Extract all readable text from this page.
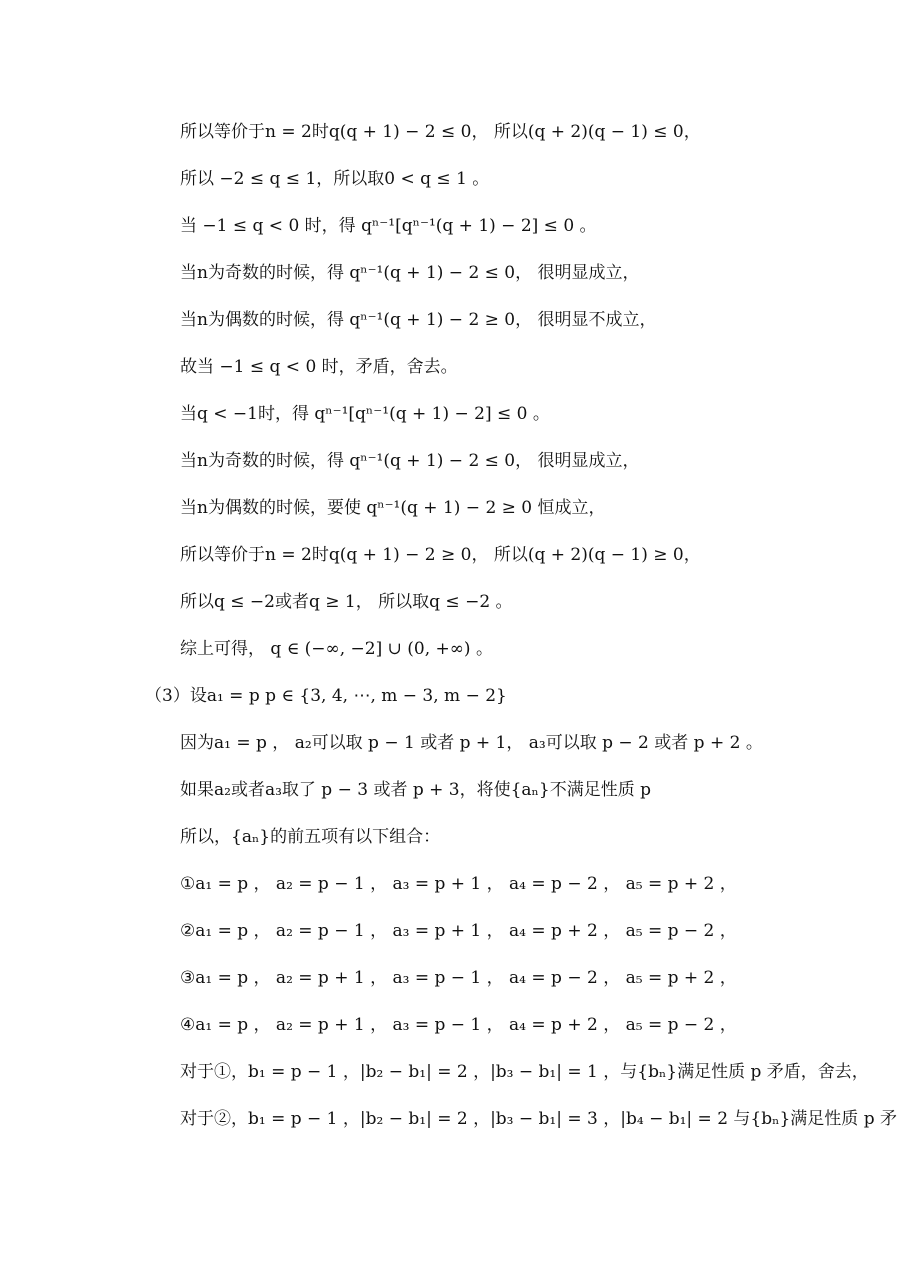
所以等价于n = 2时q(q + 1) − 2 ≤ 0， 所以(q + 2)(q − 1) ≤ 0，
所以 −2 ≤ q ≤ 1，所以取0 < q ≤ 1 。
当 −1 ≤ q < 0 时，得 qⁿ⁻¹[qⁿ⁻¹(q + 1) − 2] ≤ 0 。
当n为奇数的时候，得 qⁿ⁻¹(q + 1) − 2 ≤ 0， 很明显成立，
当n为偶数的时候，得 qⁿ⁻¹(q + 1) − 2 ≥ 0， 很明显不成立，
故当 −1 ≤ q < 0 时，矛盾，舍去。
当q < −1时，得 qⁿ⁻¹[qⁿ⁻¹(q + 1) − 2] ≤ 0 。
当n为奇数的时候，得 qⁿ⁻¹(q + 1) − 2 ≤ 0， 很明显成立，
当n为偶数的时候，要使 qⁿ⁻¹(q + 1) − 2 ≥ 0 恒成立，
所以等价于n = 2时q(q + 1) − 2 ≥ 0， 所以(q + 2)(q − 1) ≥ 0，
所以q ≤ −2或者q ≥ 1， 所以取q ≤ −2 。
综上可得， q ∈ (−∞, −2] ∪ (0, +∞) 。
（3）设a₁ = p p ∈ {3, 4, ⋯, m − 3, m − 2}
因为a₁ = p ， a₂可以取 p − 1 或者 p + 1， a₃可以取 p − 2 或者 p + 2 。
如果a₂或者a₃取了 p − 3 或者 p + 3，将使{aₙ}不满足性质 p
所以，{aₙ}的前五项有以下组合：
①a₁ = p ， a₂ = p − 1 ， a₃ = p + 1 ， a₄ = p − 2 ， a₅ = p + 2 ，
②a₁ = p ， a₂ = p − 1 ， a₃ = p + 1 ， a₄ = p + 2 ， a₅ = p − 2 ，
③a₁ = p ， a₂ = p + 1 ， a₃ = p − 1 ， a₄ = p − 2 ， a₅ = p + 2 ，
④a₁ = p ， a₂ = p + 1 ， a₃ = p − 1 ， a₄ = p + 2 ， a₅ = p − 2 ，
对于①，b₁ = p − 1 ，|b₂ − b₁| = 2 ，|b₃ − b₁| = 1 ，与{bₙ}满足性质 p 矛盾，舍去，
对于②，b₁ = p − 1 ，|b₂ − b₁| = 2 ，|b₃ − b₁| = 3 ，|b₄ − b₁| = 2 与{bₙ}满足性质 p 矛
